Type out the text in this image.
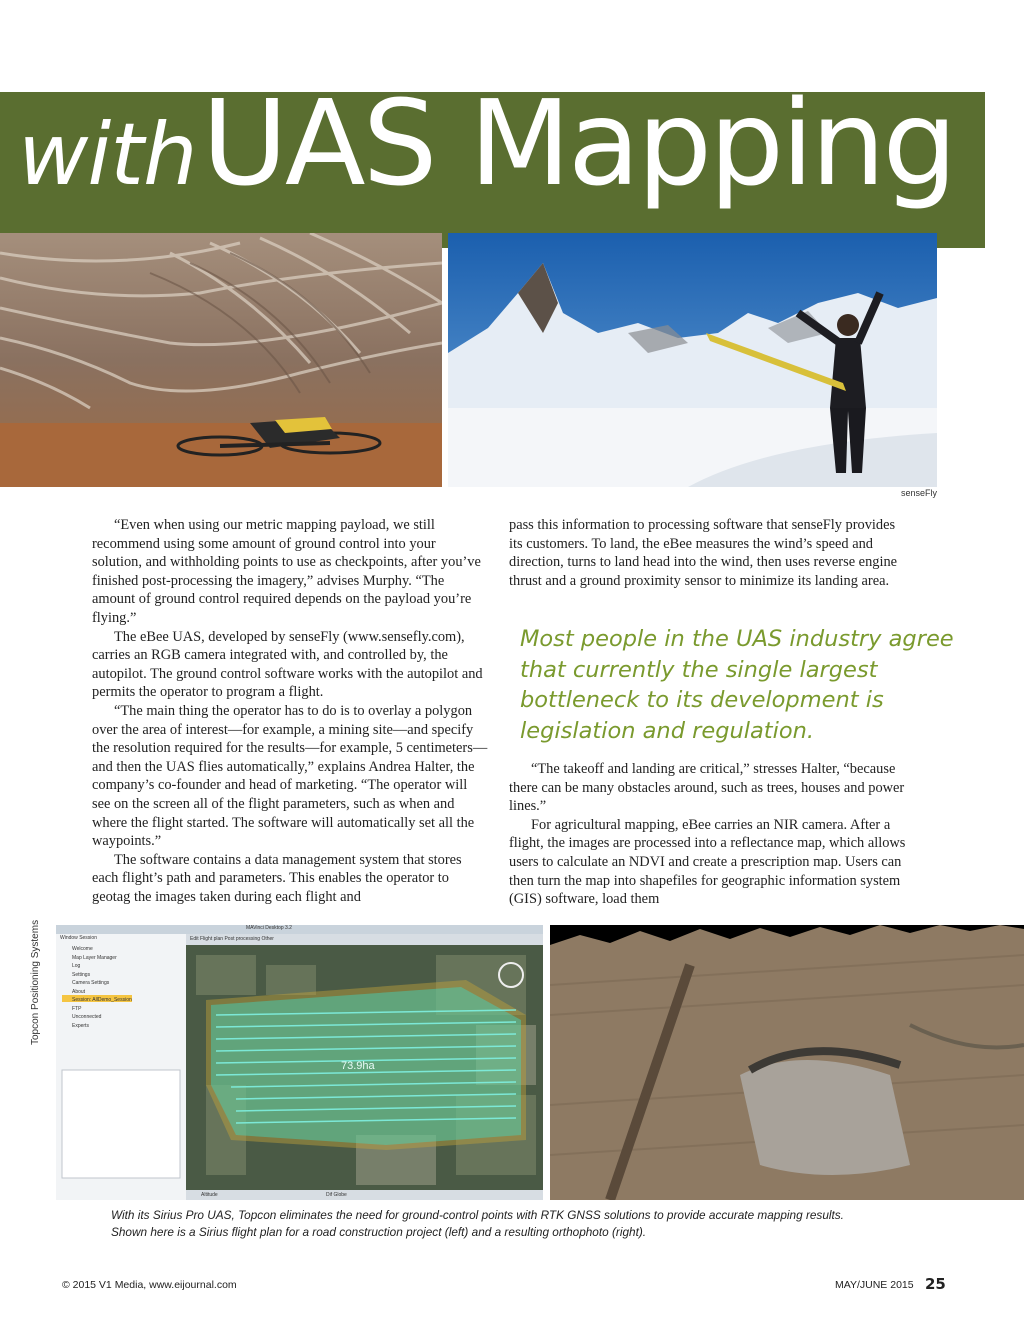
with UAS Mapping
senseFly

“Even when using our metric mapping payload, we still recommend using some amount of ground control into your solution, and withholding points to use as checkpoints, after you’ve finished post-processing the imagery,” advises Murphy. “The amount of ground control required depends on the payload you’re flying.”

The eBee UAS, developed by senseFly (www.sensefly.com), carries an RGB camera integrated with, and controlled by, the autopilot. The ground control software works with the autopilot and permits the operator to program a flight.

“The main thing the operator has to do is to overlay a polygon over the area of interest—for example, a mining site—and specify the resolution required for the results—for example, 5 centimeters—and then the UAS flies automatically,” explains Andrea Halter, the company’s co-founder and head of marketing. “The operator will see on the screen all of the flight parameters, such as when and where the flight started. The software will automatically set all the waypoints.”

The software contains a data management system that stores each flight’s path and parameters. This enables the operator to geotag the images taken during each flight and

pass this information to processing software that senseFly provides its customers. To land, the eBee measures the wind’s speed and direction, turns to land head into the wind, then uses reverse engine thrust and a ground proximity sensor to minimize its landing area.

Most people in the UAS industry agree that currently the single largest bottleneck to its development is legislation and regulation.

“The takeoff and landing are critical,” stresses Halter, “because there can be many obstacles around, such as trees, houses and power lines.”

For agricultural mapping, eBee carries an NIR camera. After a flight, the images are processed into a reflectance map, which allows users to calculate an NDVI and create a prescription map. Users can then turn the map into shapefiles for geographic information system (GIS) software, load them

Topcon Positioning Systems	Window Session
MAVinci Desktop 3.2
Edit Flight plan Post processing Other
Welcome
Map Layer Manager
Log
Settings
Camera Settings
About
Session: AllDemo_Session
FTP
Unconnected
Experts
73.9ha
Altitude	Dif Globe
With its Sirius Pro UAS, Topcon eliminates the need for ground-control points with RTK GNSS solutions to provide accurate mapping results.
Shown here is a Sirius flight plan for a road construction project (left) and a resulting orthophoto (right).
© 2015 V1 Media, www.eijournal.com	MAY/JUNE 2015 25
